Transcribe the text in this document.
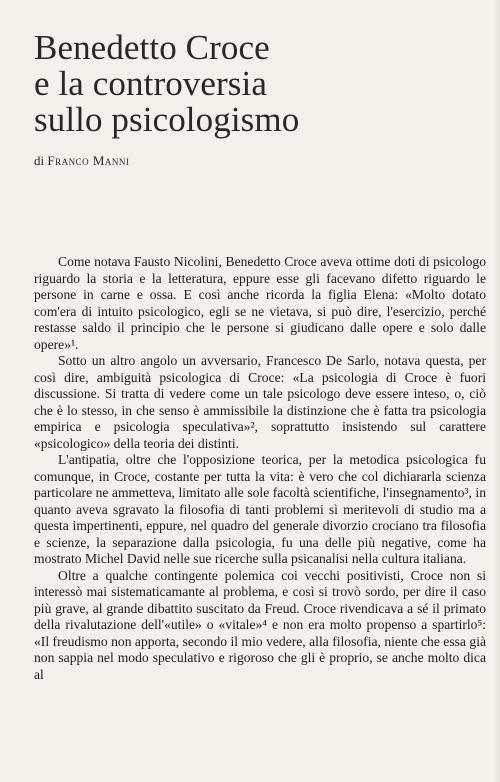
Benedetto Croce
e la controversia
sullo psicologismo
di Franco Manni

Come notava Fausto Nicolini, Benedetto Croce aveva ottime doti di psicologo riguardo la storia e la letteratura, eppure esse gli facevano difetto riguardo le persone in carne e ossa. E così anche ricorda la figlia Elena: «Molto dotato com'era di intuito psicologico, egli se ne vietava, si può dire, l'esercizio, perché restasse saldo il principio che le persone si giudicano dalle opere e solo dalle opere»¹.

Sotto un altro angolo un avversario, Francesco De Sarlo, notava questa, per così dire, ambiguità psicologica di Croce: «La psicologia di Croce è fuori discussione. Si tratta di vedere come un tale psicologo deve essere inteso, o, ciò che è lo stesso, in che senso è ammissibile la distinzione che è fatta tra psicologia empirica e psicologia speculativa»², soprattutto insistendo sul carattere «psicologico» della teoria dei distinti.

L'antipatia, oltre che l'opposizione teorica, per la metodica psicologica fu comunque, in Croce, costante per tutta la vita: è vero che col dichiararla scienza particolare ne ammetteva, limitato alle sole facoltà scientifiche, l'insegnamento³, in quanto aveva sgravato la filosofia di tanti problemi sì meritevoli di studio ma a questa impertinenti, eppure, nel quadro del generale divorzio crociano tra filosofia e scienze, la separazione dalla psicologia, fu una delle più negative, come ha mostrato Michel David nelle sue ricerche sulla psicanalisi nella cultura italiana.

Oltre a qualche contingente polemica coi vecchi positivisti, Croce non si interessò mai sistematicamante al problema, e così si trovò sordo, per dire il caso più grave, al grande dibattito suscitato da Freud. Croce rivendicava a sé il primato della rivalutazione dell'«utile» o «vitale»⁴ e non era molto propenso a spartirlo⁵: «Il freudismo non apporta, secondo il mio vedere, alla filosofia, niente che essa già non sappia nel modo speculativo e rigoroso che gli è proprio, se anche molto dica al
